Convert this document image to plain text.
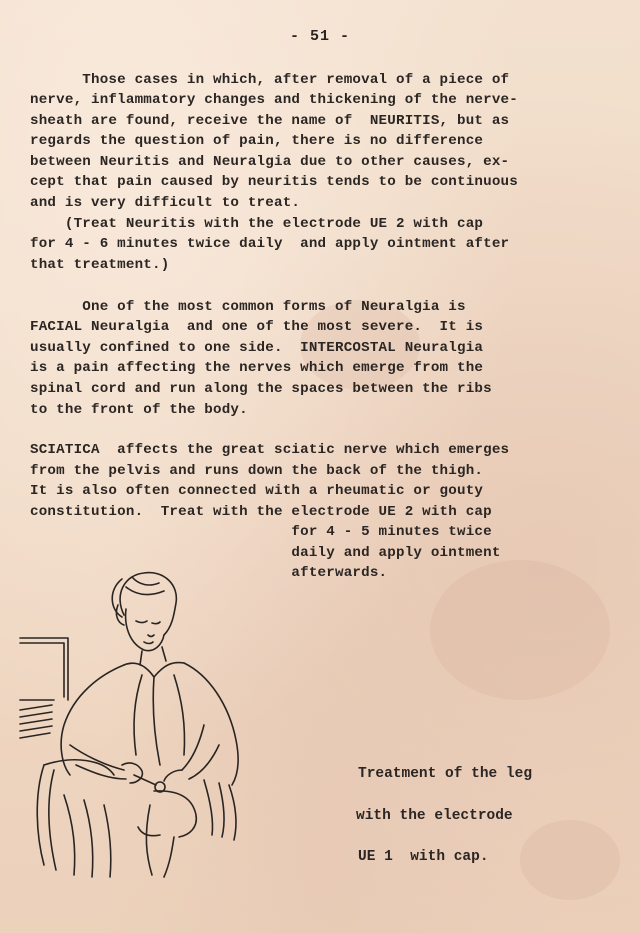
- 51 -
Those cases in which, after removal of a piece of
nerve, inflammatory changes and thickening of the nerve-
sheath are found, receive the name of  NEURITIS, but as
regards the question of pain, there is no difference
between Neuritis and Neuralgia due to other causes, ex-
cept that pain caused by neuritis tends to be continuous
and is very difficult to treat.
(Treat Neuritis with the electrode UE 2 with cap
for 4 - 6 minutes twice daily  and apply ointment after
that treatment.)
One of the most common forms of Neuralgia is
FACIAL Neuralgia  and one of the most severe.  It is
usually confined to one side.  INTERCOSTAL Neuralgia
is a pain affecting the nerves which emerge from the
spinal cord and run along the spaces between the ribs
to the front of the body.
SCIATICA  affects the great sciatic nerve which emerges
from the pelvis and runs down the back of the thigh.
It is also often connected with a rheumatic or gouty
constitution.  Treat with the electrode UE 2 with cap
for 4 - 5 minutes twice
daily and apply ointment
afterwards.
Treatment of the leg
with the electrode
UE 1  with cap.
